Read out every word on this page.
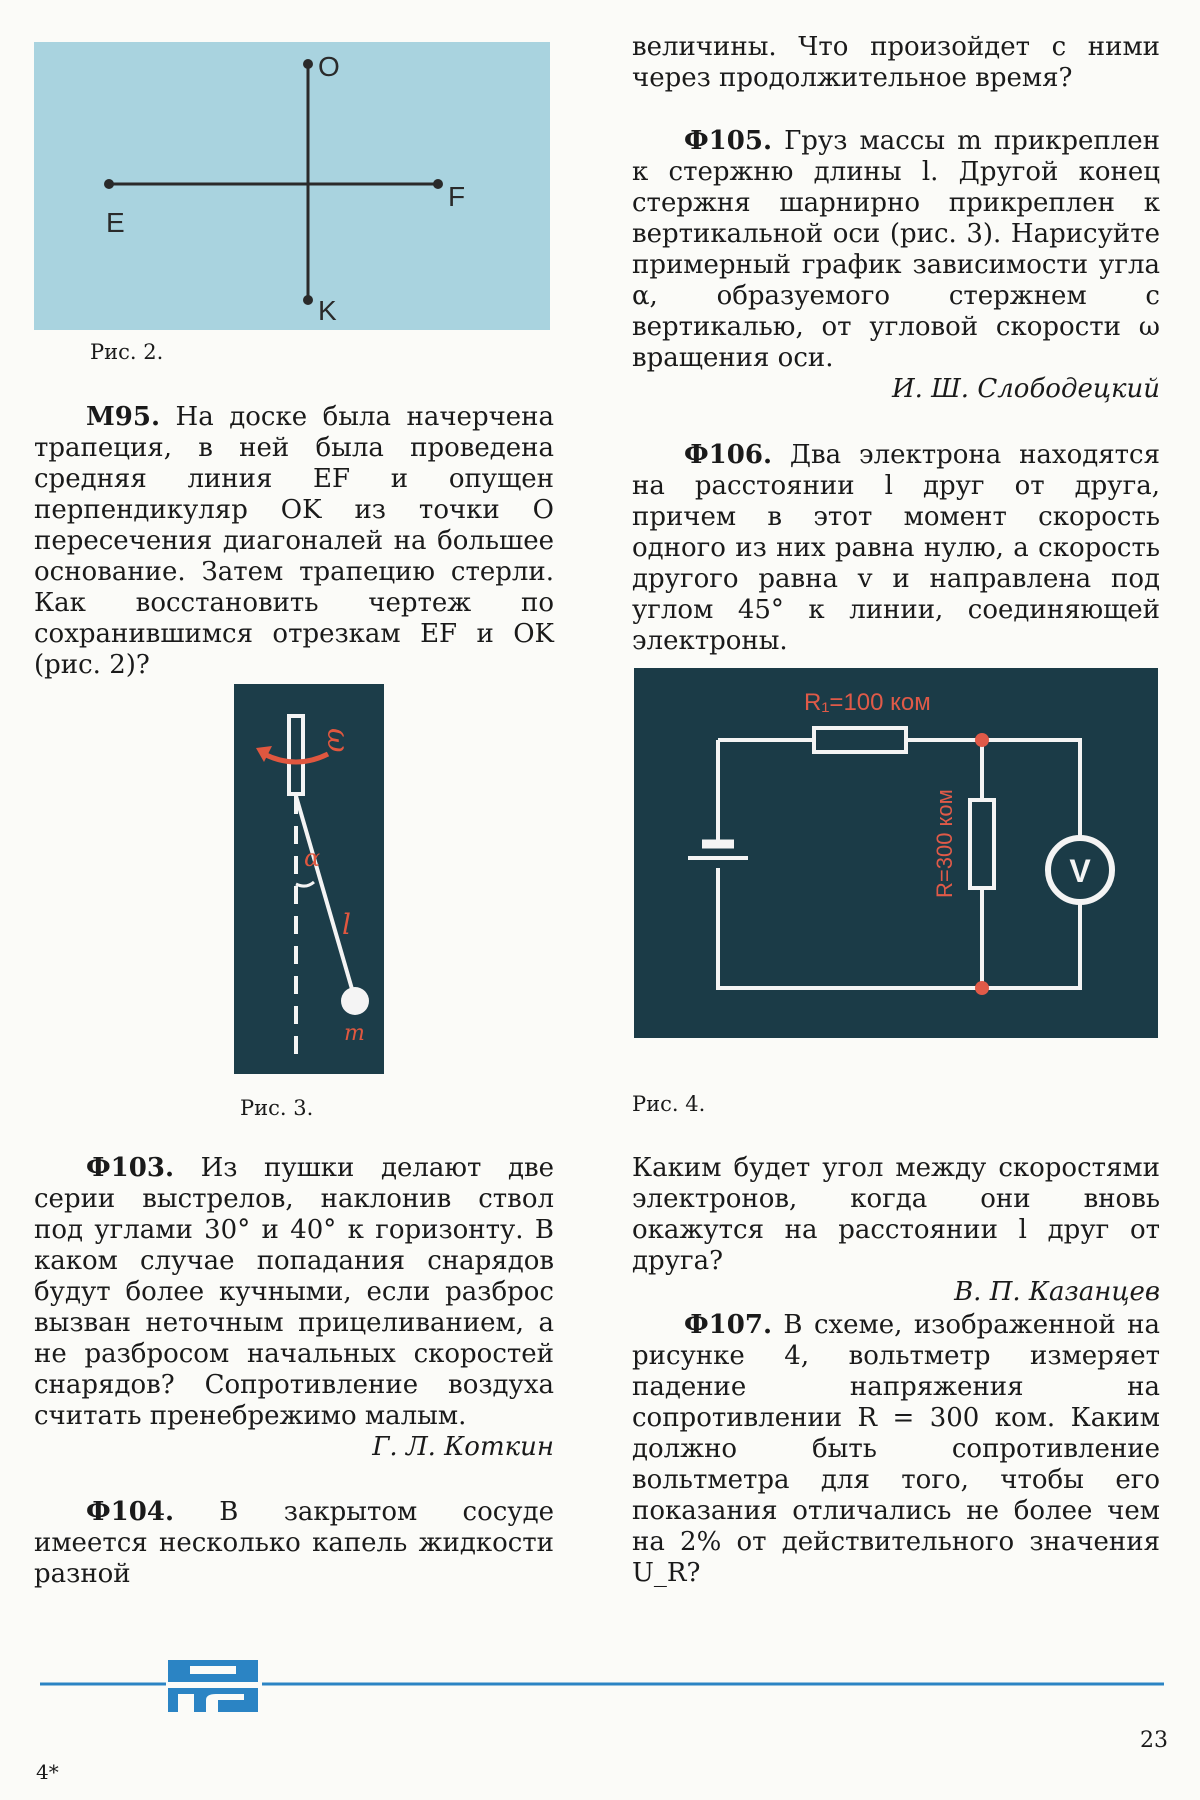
O
E
F
K
Рис. 2.

М95. На доске была начерчена трапеция, в ней была проведена средняя линия EF и опущен перпендикуляр OK из точки O пересечения диагоналей на большее основание. Затем трапецию стерли. Как восстановить чертеж по сохранившимся отрезкам EF и OK (рис. 2)?

ω
α
l
m
Рис. 3.

Ф103. Из пушки делают две серии выстрелов, наклонив ствол под углами 30° и 40° к горизонту. В каком случае попадания снарядов будут более кучными, если разброс вызван неточным прицеливанием, а не разбросом начальных скоростей снарядов? Сопротивление воздуха считать пренебрежимо малым.

Г. Л. Коткин

Ф104. В закрытом сосуде имеется несколько капель жидкости разной

величины. Что произойдет с ними через продолжительное время?

Ф105. Груз массы m прикреплен к стержню длины l. Другой конец стержня шарнирно прикреплен к вертикальной оси (рис. 3). Нарисуйте примерный график зависимости угла α, образуемого стержнем с вертикалью, от угловой скорости ω вращения оси.

И. Ш. Слободецкий

Ф106. Два электрона находятся на расстоянии l друг от друга, причем в этот момент скорость одного из них равна нулю, а скорость другого равна v и направлена под углом 45° к линии, соединяющей электроны.

V
R₁=100 ком
R=300 ком
Рис. 4.

Каким будет угол между скоростями электронов, когда они вновь окажутся на расстоянии l друг от друга?

В. П. Казанцев

Ф107. В схеме, изображенной на рисунке 4, вольтметр измеряет падение напряжения на сопротивлении R = 300 ком. Каким должно быть сопротивление вольтметра для того, чтобы его показания отличались не более чем на 2% от действительного значения U_R?

23
4*
